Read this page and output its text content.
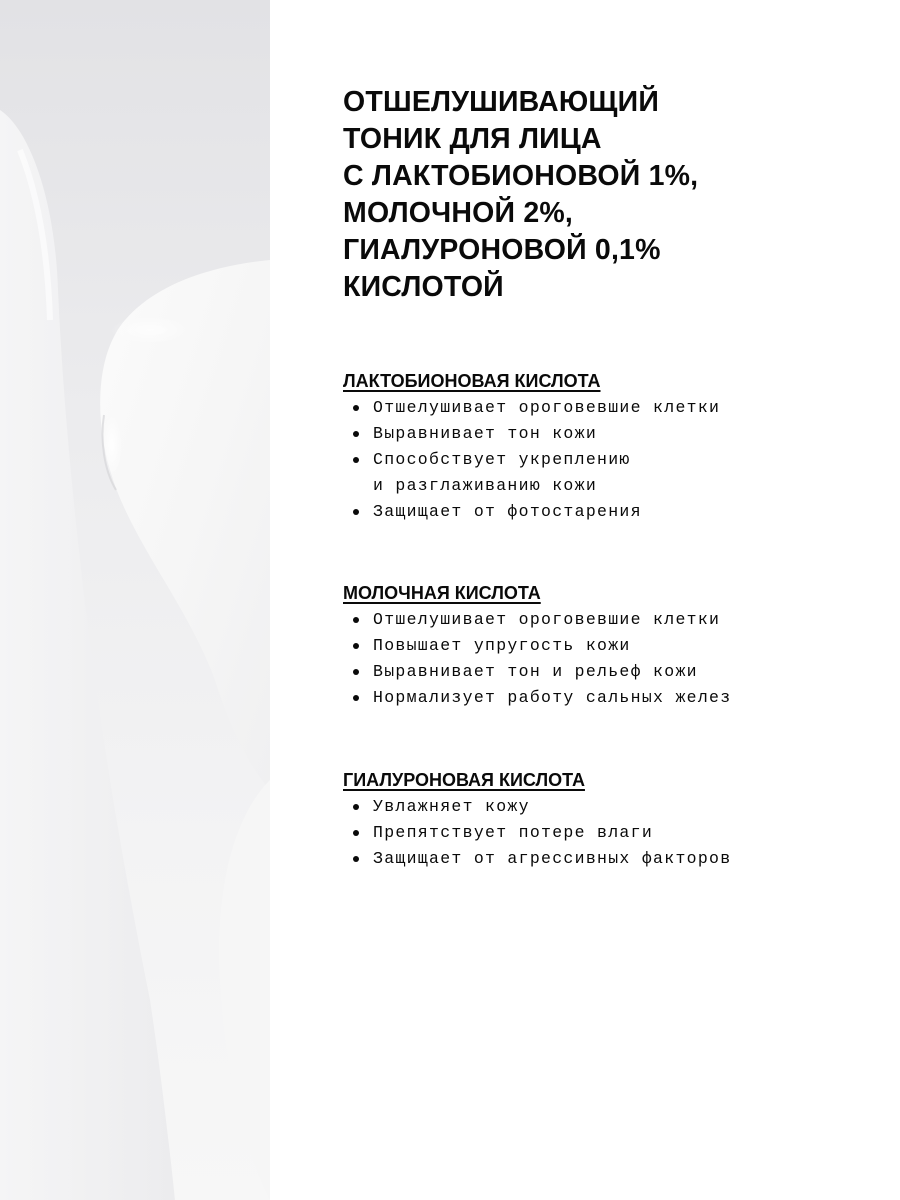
ОТШЕЛУШИВАЮЩИЙ
ТОНИК ДЛЯ ЛИЦА
С ЛАКТОБИОНОВОЙ 1%,
МОЛОЧНОЙ 2%,
ГИАЛУРОНОВОЙ 0,1%
КИСЛОТОЙ
ЛАКТОБИОНОВАЯ КИСЛОТА
Отшелушивает ороговевшие клетки
Выравнивает тон кожи
Способствует укреплению
и разглаживанию кожи
Защищает от фотостарения
МОЛОЧНАЯ КИСЛОТА
Отшелушивает ороговевшие клетки
Повышает упругость кожи
Выравнивает тон и рельеф кожи
Нормализует работу сальных желез
ГИАЛУРОНОВАЯ КИСЛОТА
Увлажняет кожу
Препятствует потере влаги
Защищает от агрессивных факторов
